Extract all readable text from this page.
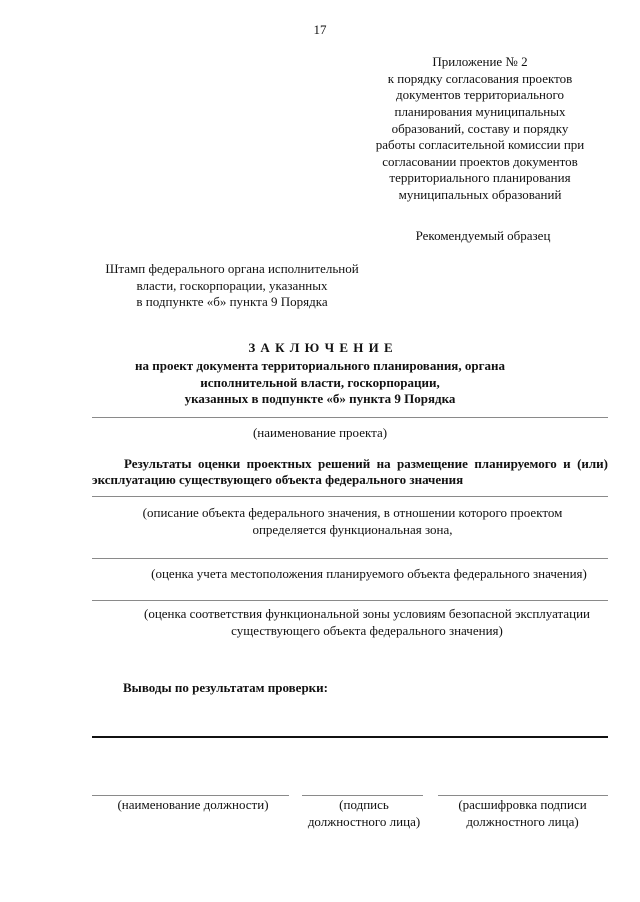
17
Приложение № 2
к порядку согласования проектов
документов территориального
планирования муниципальных
образований, составу и порядку
работы согласительной комиссии при
согласовании проектов документов
территориального планирования
муниципальных образований
Рекомендуемый образец
Штамп федерального органа исполнительной
власти, госкорпорации, указанных
в подпункте «б» пункта 9 Порядка
З А К Л Ю Ч Е Н И Е
на проект документа территориального планирования, органа
исполнительной власти, госкорпорации,
указанных в подпункте «б» пункта 9 Порядка
(наименование проекта)
Результаты оценки проектных решений на размещение планируемого и (или) эксплуатацию существующего объекта федерального значения
(описание объекта федерального значения, в отношении которого проектом
определяется функциональная зона,
(оценка учета местоположения планируемого объекта федерального значения)
(оценка соответствия функциональной зоны условиям безопасной эксплуатации
существующего объекта федерального значения)
Выводы по результатам проверки:
(наименование должности)	(подпись
должностного лица)
(расшифровка подписи
должностного лица)
